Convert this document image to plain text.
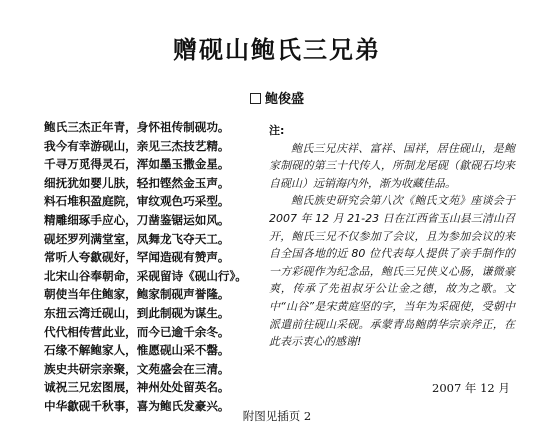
赠砚山鲍氏三兄弟
鲍俊盛
鲍氏三杰正年青，身怀祖传制砚功。
我今有幸游砚山，亲见三杰技艺精。
千寻万觅得灵石，浑如墨玉撒金星。
细抚犹如婴儿肤，轻扣铿然金玉声。
料石堆积盈庭院，审纹观色巧采型。
精雕细琢手应心，刀凿鉴锯运如风。
砚坯罗列满堂室，凤舞龙飞夺天工。
常听人夸歙砚好，罕闻造砚有赞声。
北宋山谷奉朝命，采砚留诗《砚山行》。
朝使当年住鲍家，鲍家制砚声誉隆。
东扭云湾迁砚山，到此制砚为谋生。
代代相传营此业，而今已逾千余冬。
石缘不解鲍家人，惟愿砚山采不罄。
族史共研宗亲聚，文苑盛会在三清。
诚祝三兄宏图展，神州处处留英名。
中华歙砚千秋事，喜为鲍氏发豪兴。
注:

鲍氏三兄庆祥、富祥、国祥，居住砚山，是鲍家制砚的第三十代传人，所制龙尾砚（歙砚石均来自砚山）远销海内外，渐为收藏佳品。

鲍氏族史研究会第八次《鲍氏文苑》座谈会于 2007 年 12 月 21-23 日在江西省玉山县三清山召开，鲍氏三兄不仅参加了会议，且为参加会议的来自全国各地的近 80 位代表每人提供了亲手制作的一方彩砚作为纪念品，鲍氏三兄侠义心肠，谦微豪爽，传承了先祖叔牙公让金之德，故为之歌。文中“山谷”是宋黄庭坚的字，当年为采砚使，受朝中派遣前往砚山采砚。承蒙青岛鲍荫华宗亲斧正，在此表示衷心的感谢!

2007 年 12 月
附图见插页 2
